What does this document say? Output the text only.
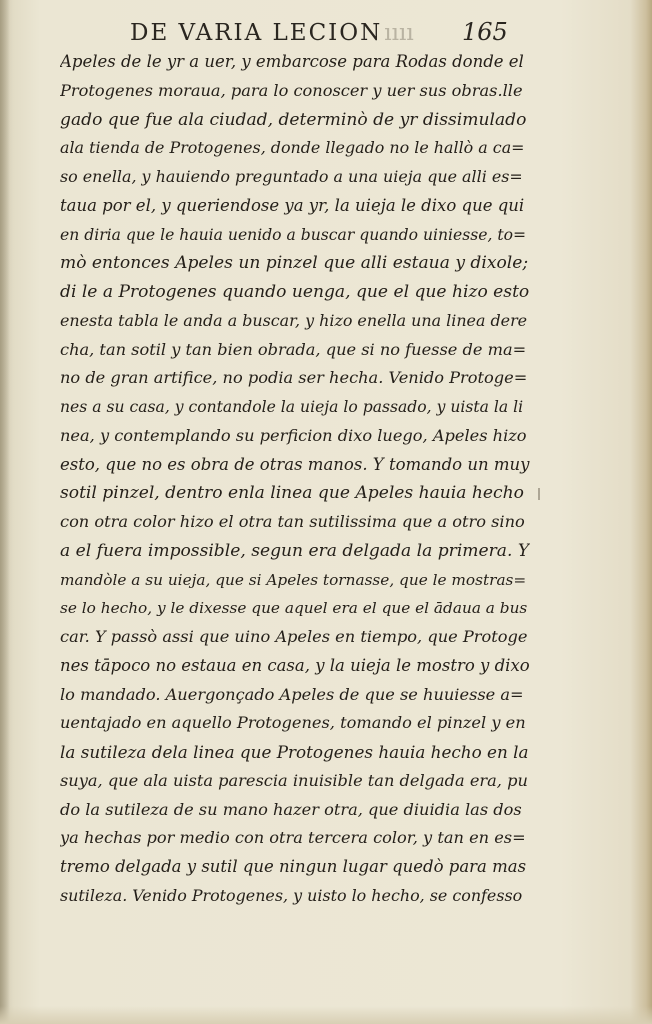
DE VARIA LECIONıııı 165
Apeles de le yr a uer, y embarcose para Rodas donde el
Protogenes moraua, para lo conoscer y uer sus obras.lle
gado que fue ala ciudad, determinò de yr dissimulado
ala tienda de Protogenes, donde llegado no le hallò a ca=
so enella, y hauiendo preguntado a una uieja que alli es=
taua por el, y queriendose ya yr, la uieja le dixo que qui
en diria que le hauia uenido a buscar quando uiniesse, to=
mò entonces Apeles un pinzel que alli estaua y dixole;
di le a Protogenes quando uenga, que el que hizo esto
enesta tabla le anda a buscar, y hizo enella una linea dere
cha, tan sotil y tan bien obrada, que si no fuesse de ma=
no de gran artifice, no podia ser hecha. Venido Protoge=
nes a su casa, y contandole la uieja lo passado, y uista la li
nea, y contemplando su perficion dixo luego, Apeles hizo
esto, que no es obra de otras manos. Y tomando un muy
sotil pinzel, dentro enla linea que Apeles hauia hecho
con otra color hizo el otra tan sutilissima que a otro sino
a el fuera impossible, segun era delgada la primera. Y
mandòle a su uieja, que si Apeles tornasse, que le mostras=
se lo hecho, y le dixesse que aquel era el que el ādaua a bus
car. Y passò assi que uino Apeles en tiempo, que Protoge
nes tāpoco no estaua en casa, y la uieja le mostro y dixo
lo mandado. Auergonçado Apeles de que se huuiesse a=
uentajado en aquello Protogenes, tomando el pinzel y en
la sutileza dela linea que Protogenes hauia hecho en la
suya, que ala uista parescia inuisible tan delgada era, pu
do la sutileza de su mano hazer otra, que diuidia las dos
ya hechas por medio con otra tercera color, y tan en es=
tremo delgada y sutil que ningun lugar quedò para mas
sutileza. Venido Protogenes, y uisto lo hecho, se confesso
